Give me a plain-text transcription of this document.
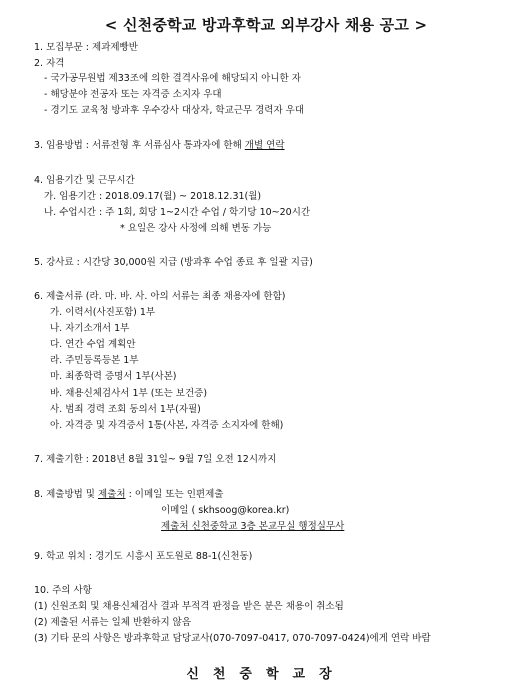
< 신천중학교 방과후학교 외부강사 채용 공고 >
1. 모집부문 : 제과제빵반
2. 자격
- 국가공무원법 제33조에 의한 결격사유에 해당되지 아니한 자
- 해당분야 전공자 또는 자격증 소지자 우대
- 경기도 교육청 방과후 우수강사 대상자, 학교근무 경력자 우대
3. 임용방법 : 서류전형 후 서류심사 통과자에 한해 개별 연락
4. 임용기간 및 근무시간
가. 임용기간 : 2018.09.17(월) ~ 2018.12.31(월)
나. 수업시간 : 주 1회, 회당 1~2시간 수업 / 학기당 10~20시간
* 요일은 강사 사정에 의해 변동 가능
5. 강사료 : 시간당 30,000원 지급 (방과후 수업 종료 후 일괄 지급)
6. 제출서류 (라. 마. 바. 사. 아의 서류는 최종 채용자에 한함)
가. 이력서(사진포함) 1부
나. 자기소개서 1부
다. 연간 수업 계획안
라. 주민등록등본 1부
마. 최종학력 증명서 1부(사본)
바. 채용신체검사서 1부 (또는 보건증)
사. 범죄 경력 조회 동의서 1부(자필)
아. 자격증 및 자격증서 1통(사본, 자격증 소지자에 한해)
7. 제출기한 : 2018년 8월 31일~ 9월 7일 오전 12시까지
8. 제출방법 및 제출처 : 이메일 또는 인편제출
이메일 ( skhsoog@korea.kr)
제출처 신천중학교 3층 본교무실 행정실무사
9. 학교 위치 : 경기도 시흥시 포도원로 88-1(신천동)
10. 주의 사항
(1) 신원조회 및 채용신체검사 결과 부적격 판정을 받은 분은 채용이 취소됨
(2) 제출된 서류는 일체 반환하지 않음
(3) 기타 문의 사항은 방과후학교 담당교사(070-7097-0417, 070-7097-0424)에게 연락 바람
신천중학교장
